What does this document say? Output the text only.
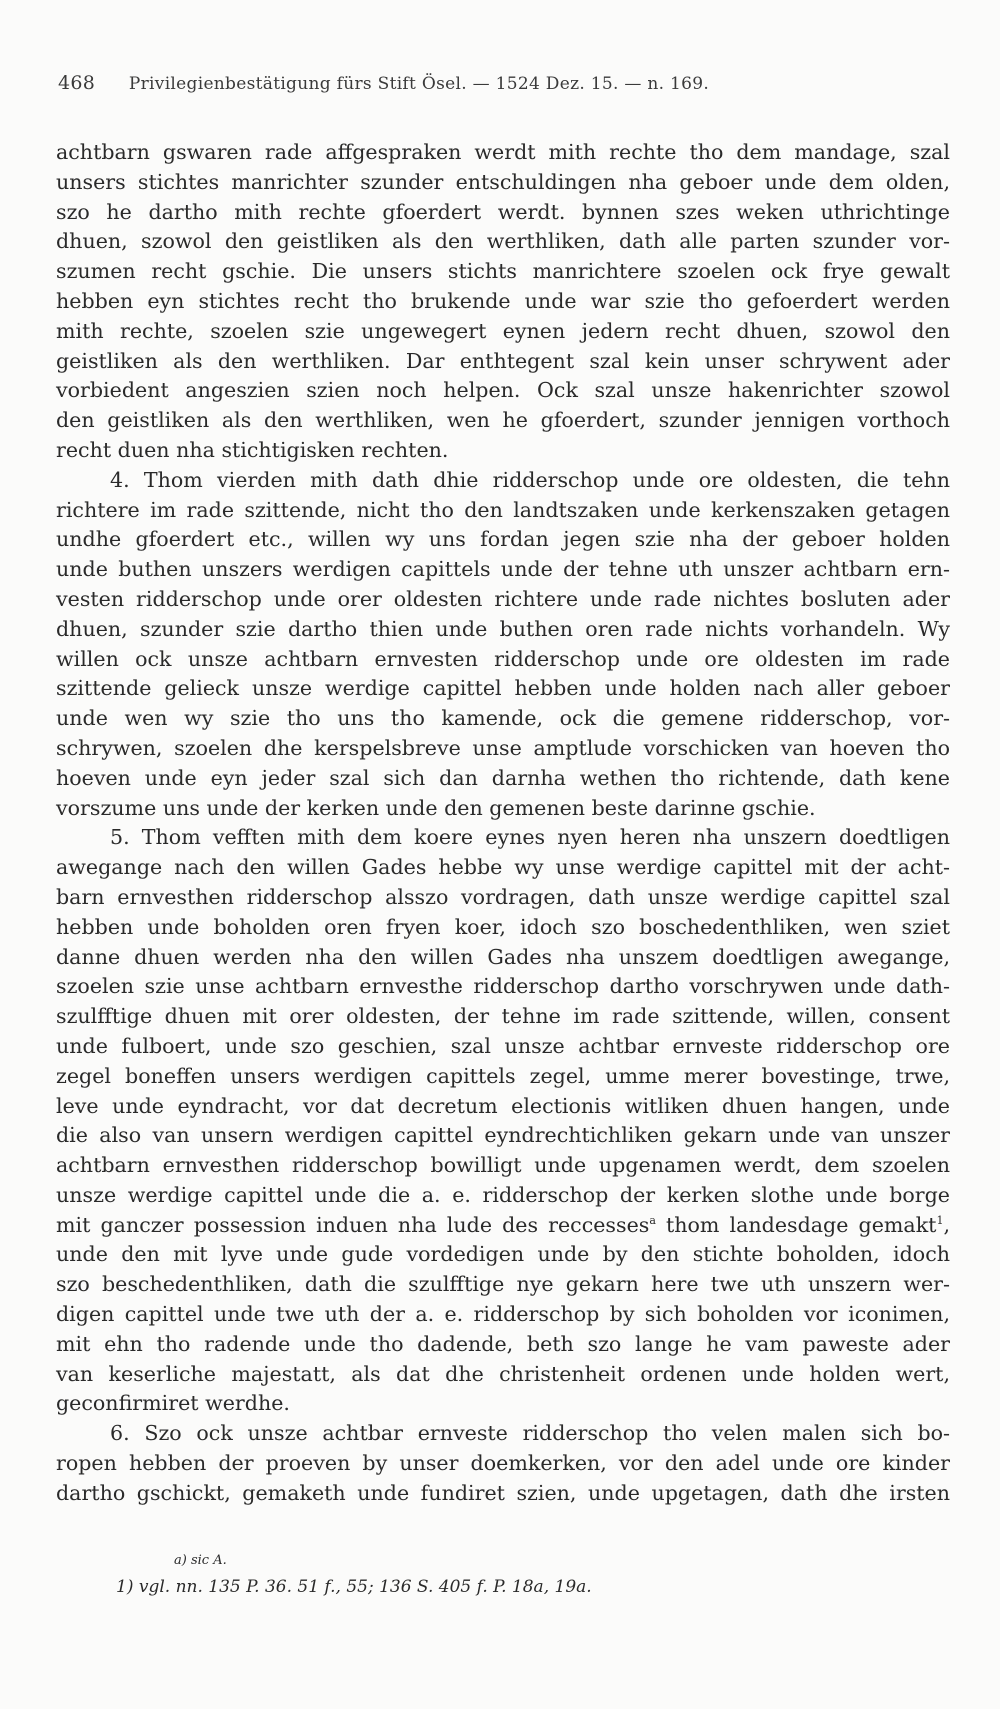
468 Privilegienbestätigung fürs Stift Ösel. — 1524 Dez. 15. — n. 169.
achtbarn gswaren rade affgespraken werdt mith rechte tho dem mandage, szal
unsers stichtes manrichter szunder entschuldingen nha geboer unde dem olden,
szo he dartho mith rechte gfoerdert werdt. bynnen szes weken uthrichtinge
dhuen, szowol den geistliken als den werthliken, dath alle parten szunder vor-
szumen recht gschie. Die unsers stichts manrichtere szoelen ock frye gewalt
hebben eyn stichtes recht tho brukende unde war szie tho gefoerdert werden
mith rechte, szoelen szie ungewegert eynen jedern recht dhuen, szowol den
geistliken als den werthliken. Dar enthtegent szal kein unser schrywent ader
vorbiedent angeszien szien noch helpen. Ock szal unsze hakenrichter szowol
den geistliken als den werthliken, wen he gfoerdert, szunder jennigen vorthoch
recht duen nha stichtigisken rechten.
4. Thom vierden mith dath dhie ridderschop unde ore oldesten, die tehn
richtere im rade szittende, nicht tho den landtszaken unde kerkenszaken getagen
undhe gfoerdert etc., willen wy uns fordan jegen szie nha der geboer holden
unde buthen unszers werdigen capittels unde der tehne uth unszer achtbarn ern-
vesten ridderschop unde orer oldesten richtere unde rade nichtes bosluten ader
dhuen, szunder szie dartho thien unde buthen oren rade nichts vorhandeln. Wy
willen ock unsze achtbarn ernvesten ridderschop unde ore oldesten im rade
szittende gelieck unsze werdige capittel hebben unde holden nach aller geboer
unde wen wy szie tho uns tho kamende, ock die gemene ridderschop, vor-
schrywen, szoelen dhe kerspelsbreve unse amptlude vorschicken van hoeven tho
hoeven unde eyn jeder szal sich dan darnha wethen tho richtende, dath kene
vorszume uns unde der kerken unde den gemenen beste darinne gschie.
5. Thom vefften mith dem koere eynes nyen heren nha unszern doedtligen
awegange nach den willen Gades hebbe wy unse werdige capittel mit der acht-
barn ernvesthen ridderschop alsszo vordragen, dath unsze werdige capittel szal
hebben unde boholden oren fryen koer, idoch szo boschedenthliken, wen sziet
danne dhuen werden nha den willen Gades nha unszem doedtligen awegange,
szoelen szie unse achtbarn ernvesthe ridderschop dartho vorschrywen unde dath-
szulfftige dhuen mit orer oldesten, der tehne im rade szittende, willen, consent
unde fulboert, unde szo geschien, szal unsze achtbar ernveste ridderschop ore
zegel boneffen unsers werdigen capittels zegel, umme merer bovestinge, trwe,
leve unde eyndracht, vor dat decretum electionis witliken dhuen hangen, unde
die also van unsern werdigen capittel eyndrechtichliken gekarn unde van unszer
achtbarn ernvesthen ridderschop bowilligt unde upgenamen werdt, dem szoelen
unsze werdige capittel unde die a. e. ridderschop der kerken slothe unde borge
mit ganczer possession induen nha lude des reccesses$^a$ thom landesdage gemakt$^1$,
unde den mit lyve unde gude vordedigen unde by den stichte boholden, idoch
szo beschedenthliken, dath die szulfftige nye gekarn here twe uth unszern wer-
digen capittel unde twe uth der a. e. ridderschop by sich boholden vor iconimen,
mit ehn tho radende unde tho dadende, beth szo lange he vam paweste ader
van keserliche majestatt, als dat dhe christenheit ordenen unde holden wert,
geconfirmiret werdhe.
6. Szo ock unsze achtbar ernveste ridderschop tho velen malen sich bo-
ropen hebben der proeven by unser doemkerken, vor den adel unde ore kinder
dartho gschickt, gemaketh unde fundiret szien, unde upgetagen, dath dhe irsten
a) sic A.
1) vgl. nn. 135 P. 36. 51 f., 55; 136 S. 405 f. P. 18a, 19a.
